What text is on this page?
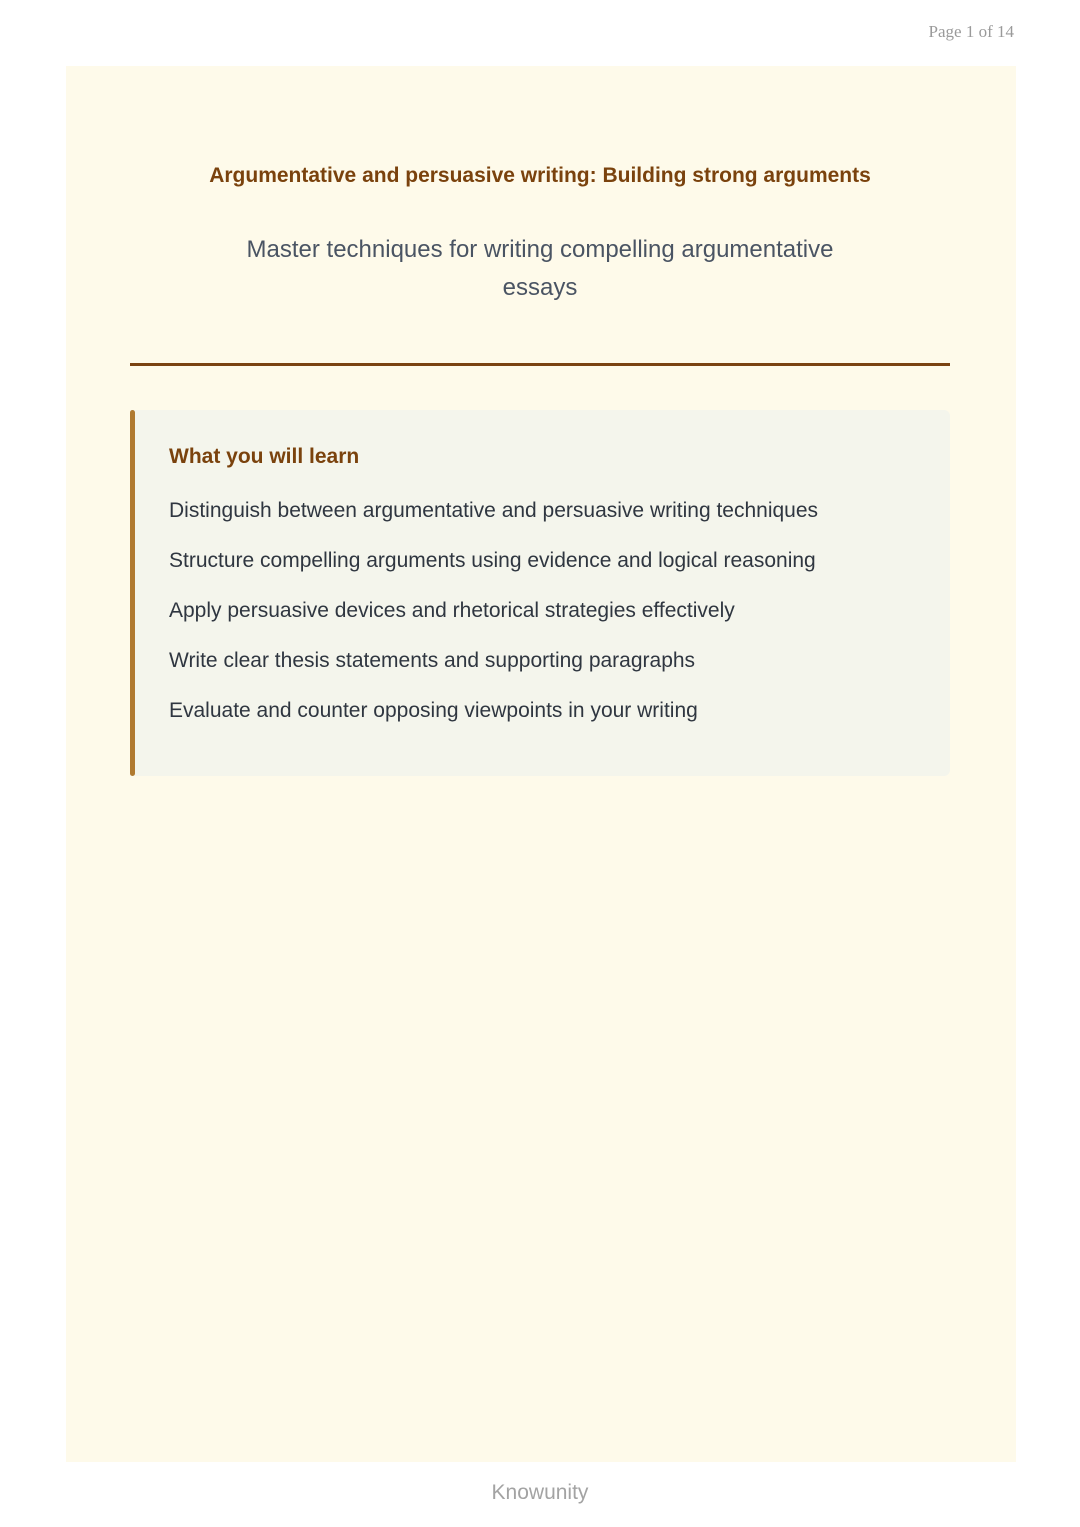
Page 1 of 14
Argumentative and persuasive writing: Building strong arguments
Master techniques for writing compelling argumentative essays
What you will learn
Distinguish between argumentative and persuasive writing techniques
Structure compelling arguments using evidence and logical reasoning
Apply persuasive devices and rhetorical strategies effectively
Write clear thesis statements and supporting paragraphs
Evaluate and counter opposing viewpoints in your writing
Knowunity
